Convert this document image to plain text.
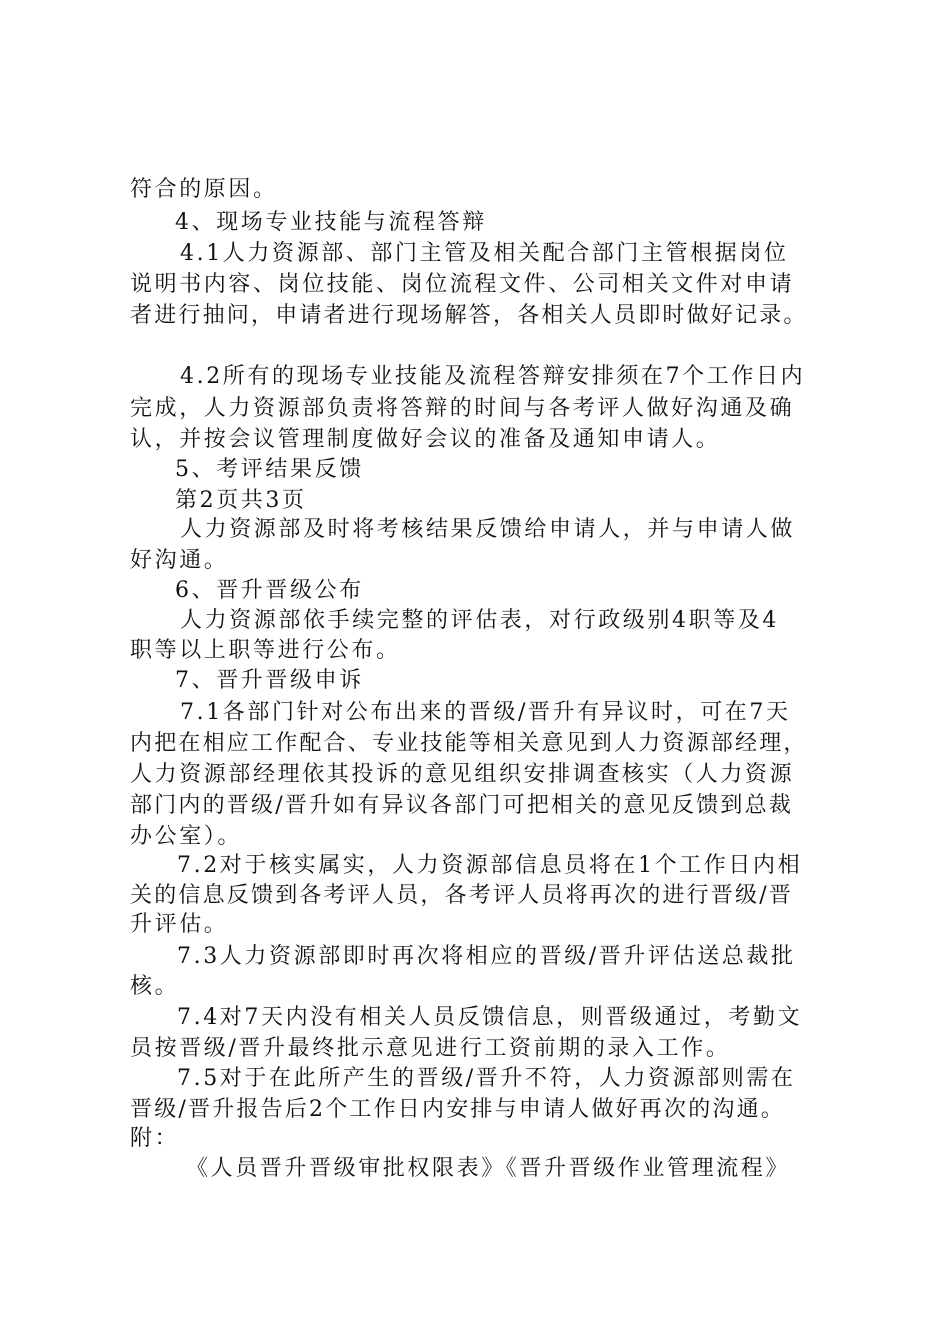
符合的原因。
4、现场专业技能与流程答辩
4.1人力资源部、部门主管及相关配合部门主管根据岗位
说明书内容、岗位技能、岗位流程文件、公司相关文件对申请
者进行抽问，申请者进行现场解答，各相关人员即时做好记录。
4.2所有的现场专业技能及流程答辩安排须在7个工作日内
完成，人力资源部负责将答辩的时间与各考评人做好沟通及确
认，并按会议管理制度做好会议的准备及通知申请人。
5、考评结果反馈
第2页共3页
人力资源部及时将考核结果反馈给申请人，并与申请人做
好沟通。
6、晋升晋级公布
人力资源部依手续完整的评估表，对行政级别4职等及4
职等以上职等进行公布。
7、晋升晋级申诉
7.1各部门针对公布出来的晋级/晋升有异议时，可在7天
内把在相应工作配合、专业技能等相关意见到人力资源部经理，
人力资源部经理依其投诉的意见组织安排调查核实（人力资源
部门内的晋级/晋升如有异议各部门可把相关的意见反馈到总裁
办公室）。
7.2对于核实属实，人力资源部信息员将在1个工作日内相
关的信息反馈到各考评人员，各考评人员将再次的进行晋级/晋
升评估。
7.3人力资源部即时再次将相应的晋级/晋升评估送总裁批
核。
7.4对7天内没有相关人员反馈信息，则晋级通过，考勤文
员按晋级/晋升最终批示意见进行工资前期的录入工作。
7.5对于在此所产生的晋级/晋升不符，人力资源部则需在
晋级/晋升报告后2个工作日内安排与申请人做好再次的沟通。
附：
《人员晋升晋级审批权限表》《晋升晋级作业管理流程》
